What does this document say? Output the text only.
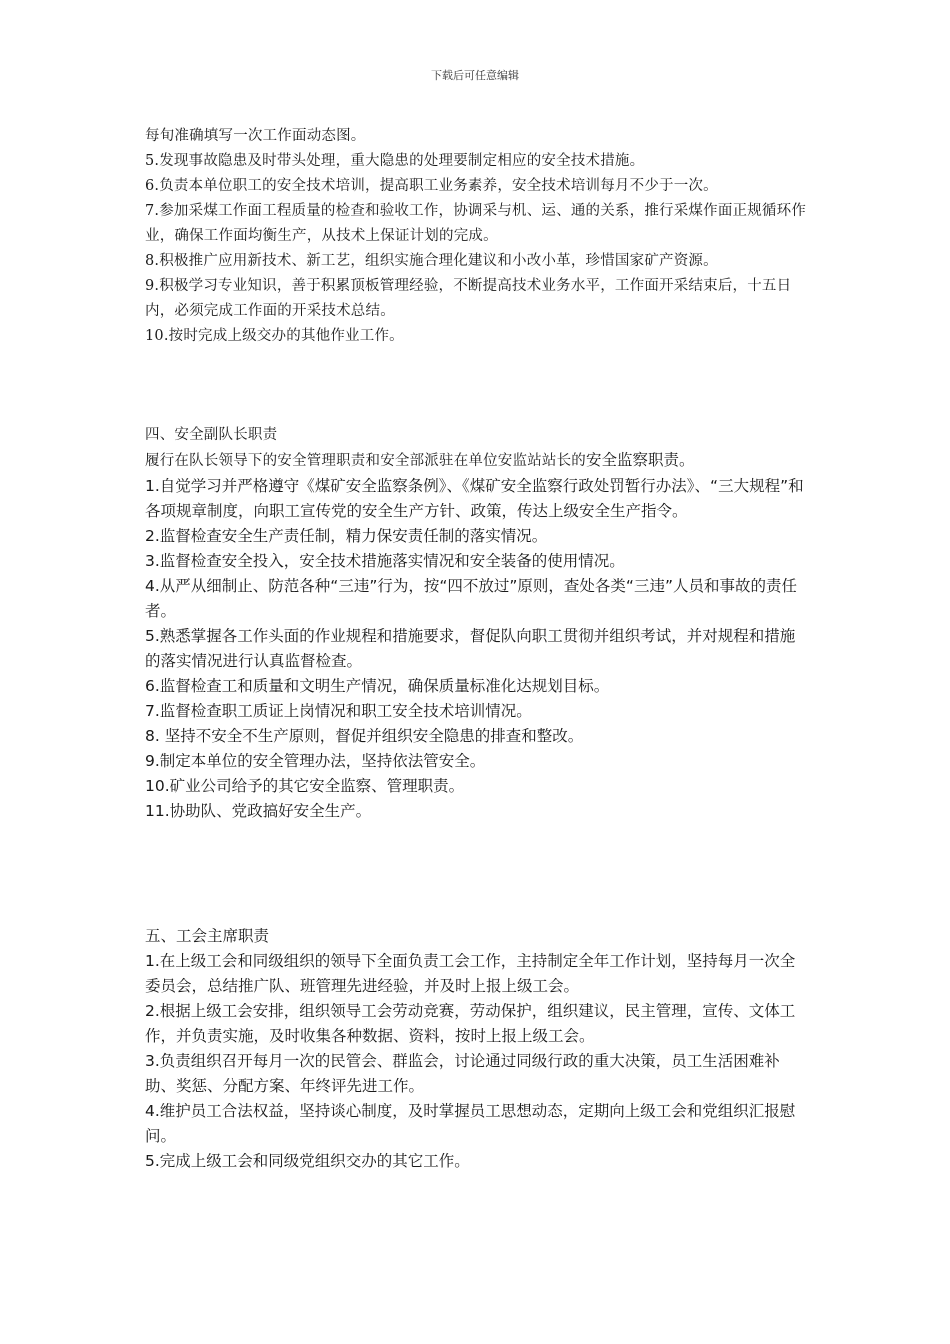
下载后可任意编辑
每旬准确填写一次工作面动态图。
5.发现事故隐患及时带头处理，重大隐患的处理要制定相应的安全技术措施。
6.负责本单位职工的安全技术培训，提高职工业务素养，安全技术培训每月不少于一次。
7.参加采煤工作面工程质量的检查和验收工作，协调采与机、运、通的关系，推行采煤作面正规循环作业，确保工作面均衡生产，从技术上保证计划的完成。
8.积极推广应用新技术、新工艺，组织实施合理化建议和小改小革，珍惜国家矿产资源。
9.积极学习专业知识，善于积累顶板管理经验，不断提高技术业务水平，工作面开采结束后，十五日内，必须完成工作面的开采技术总结。
10.按时完成上级交办的其他作业工作。
四、安全副队长职责
履行在队长领导下的安全管理职责和安全部派驻在单位安监站站长的安全监察职责。
1.自觉学习并严格遵守《煤矿安全监察条例》、《煤矿安全监察行政处罚暂行办法》、“三大规程”和各项规章制度，向职工宣传党的安全生产方针、政策，传达上级安全生产指令。
2.监督检查安全生产责任制，精力保安责任制的落实情况。
3.监督检查安全投入，安全技术措施落实情况和安全装备的使用情况。
4.从严从细制止、防范各种“三违”行为，按“四不放过”原则，查处各类“三违”人员和事故的责任者。
5.熟悉掌握各工作头面的作业规程和措施要求，督促队向职工贯彻并组织考试，并对规程和措施的落实情况进行认真监督检查。
6.监督检查工和质量和文明生产情况，确保质量标准化达规划目标。
7.监督检查职工质证上岗情况和职工安全技术培训情况。
8. 坚持不安全不生产原则，督促并组织安全隐患的排查和整改。
9.制定本单位的安全管理办法，坚持依法管安全。
10.矿业公司给予的其它安全监察、管理职责。
11.协助队、党政搞好安全生产。
五、工会主席职责
1.在上级工会和同级组织的领导下全面负责工会工作，主持制定全年工作计划，坚持每月一次全委员会，总结推广队、班管理先进经验，并及时上报上级工会。
2.根据上级工会安排，组织领导工会劳动竞赛，劳动保护，组织建议，民主管理，宣传、文体工作，并负责实施，及时收集各种数据、资料，按时上报上级工会。
3.负责组织召开每月一次的民管会、群监会，讨论通过同级行政的重大决策，员工生活困难补助、奖惩、分配方案、年终评先进工作。
4.维护员工合法权益，坚持谈心制度，及时掌握员工思想动态，定期向上级工会和党组织汇报慰问。
5.完成上级工会和同级党组织交办的其它工作。
